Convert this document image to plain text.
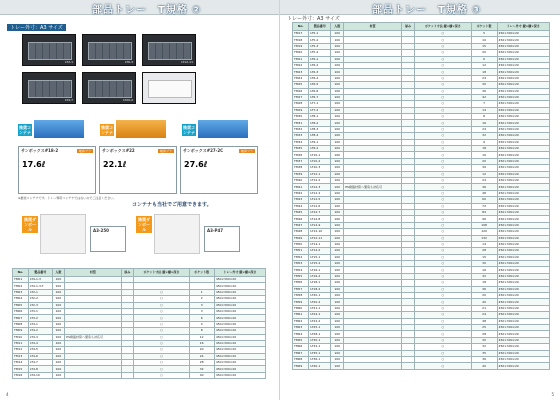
部品トレー　T規格 ②
トレー外寸：A3 サイズ
LT2-1	LT6-3	LT12-11
LT4-7	LT20-2	LT14-1
推奨コンテナ
推奨コンテナ
推奨コンテナ
サンボックス#18-2	岐阜プラ
17.6ℓ
サンボックス#22	岐阜プラ
22.1ℓ
サンボックス#27-2C	岐阜プラ
27.6ℓ
※推奨コンテナです。トレー専用コンテナではないのでご注意ください。
コンテナも当社でご用意できます。
推奨ダンボール	A3-250
推奨ダンボール	A3-P47
No.	製品番号	入数	材質	厚み	ポケット寸法 縦×横×深さ	ポケット数	トレー外寸 縦×横×深さ
TM01	LT4-1-3	100					450×300×20
TM02	LT4-1-3-T	100					450×300×20
TM03	LT2-1	100			○	1	450×300×20
TM04	LT2-2	100			○	2	450×300×20
TM05	LT2-3	100			○	3	450×300×20
TM06	LT3-1	100			○	3	450×300×20
TM07	LT3-2	100			○	6	450×300×20
TM08	LT4-1	100			○	4	450×300×20
TM09	LT4-2	100			○	8	450×300×20
TM10	LT4-3	100	PS樹脂材質へ製造も対応可		○	12	450×300×20
TM11	LT4-4	100			○	16	450×300×20
TM12	LT4-5	100			○	20	450×300×20
TM13	LT4-6	100			○	24	450×300×20
TM14	LT4-7	100			○	28	450×300×20
TM15	LT4-8	100			○	32	450×300×20
TM16	LT4-10	100			○	40	450×300×20
4
部品トレー　T規格 ③
トレー外寸：A3 サイズ
No.	製品番号	入数	材質	厚み	ポケット寸法 縦×横×深さ	ポケット数	トレー外寸 縦×横×深さ
TM17	LT5-1	100			○	5	450×300×20
TM18	LT5-2	100			○	10	450×300×20
TM19	LT5-3	100			○	15	450×300×20
TM20	LT5-4	100			○	20	450×300×20
TM21	LT6-1	100			○	6	450×300×20
TM22	LT6-2	100			○	12	450×300×20
TM23	LT6-3	100			○	18	450×300×20
TM24	LT6-4	100			○	24	450×300×20
TM25	LT6-5	100			○	30	450×300×20
TM26	LT6-6	100			○	36	450×300×20
TM27	LT6-7	100			○	42	450×300×20
TM28	LT7-1	100			○	7	450×300×20
TM29	LT7-2	100			○	14	450×300×20
TM30	LT8-1	100			○	8	450×300×20
TM31	LT8-2	100			○	16	450×300×20
TM32	LT8-3	100			○	24	450×300×20
TM33	LT8-4	100			○	32	450×300×20
TM34	LT9-1	100			○	9	450×300×20
TM35	LT9-2	100			○	18	450×300×20
TM36	LT10-1	100			○	10	450×300×20
TM37	LT10-2	100			○	20	450×300×20
TM38	LT10-3	100			○	30	450×300×20
TM39	LT12-1	100			○	12	450×300×20
TM40	LT12-2	100			○	24	450×300×20
TM41	LT12-3	100	PS樹脂材質へ製造も対応可		○	36	450×300×20
TM42	LT12-4	100			○	48	450×300×20
TM43	LT12-5	100			○	60	450×300×20
TM44	LT12-6	100			○	72	450×300×20
TM45	LT12-7	100			○	84	450×300×20
TM46	LT12-8	100			○	96	450×300×20
TM47	LT12-9	100			○	108	450×300×20
TM48	LT12-10	100			○	120	450×300×20
TM49	LT12-11	100			○	132	450×300×20
TM50	LT14-1	100			○	14	450×300×20
TM51	LT14-2	100			○	28	450×300×20
TM52	LT15-1	100			○	15	450×300×20
TM53	LT15-2	100			○	30	450×300×20
TM54	LT16-1	100			○	16	450×300×20
TM55	LT16-2	100			○	32	450×300×20
TM56	LT18-1	100			○	18	450×300×20
TM57	LT18-2	100			○	36	450×300×20
TM58	LT20-1	100			○	20	450×300×20
TM59	LT20-2	100			○	40	450×300×20
TM60	LT21-1	100			○	21	450×300×20
TM61	LT24-1	100			○	24	450×300×20
TM62	LT24-2	100			○	48	450×300×20
TM63	LT25-1	100			○	25	450×300×20
TM64	LT28-1	100			○	28	450×300×20
TM65	LT30-1	100			○	30	450×300×20
TM66	LT32-1	100			○	32	450×300×20
TM67	LT35-1	100			○	35	450×300×20
TM68	LT36-1	100			○	36	450×300×20
TM69	LT40-1	100			○	40	450×300×20
5
